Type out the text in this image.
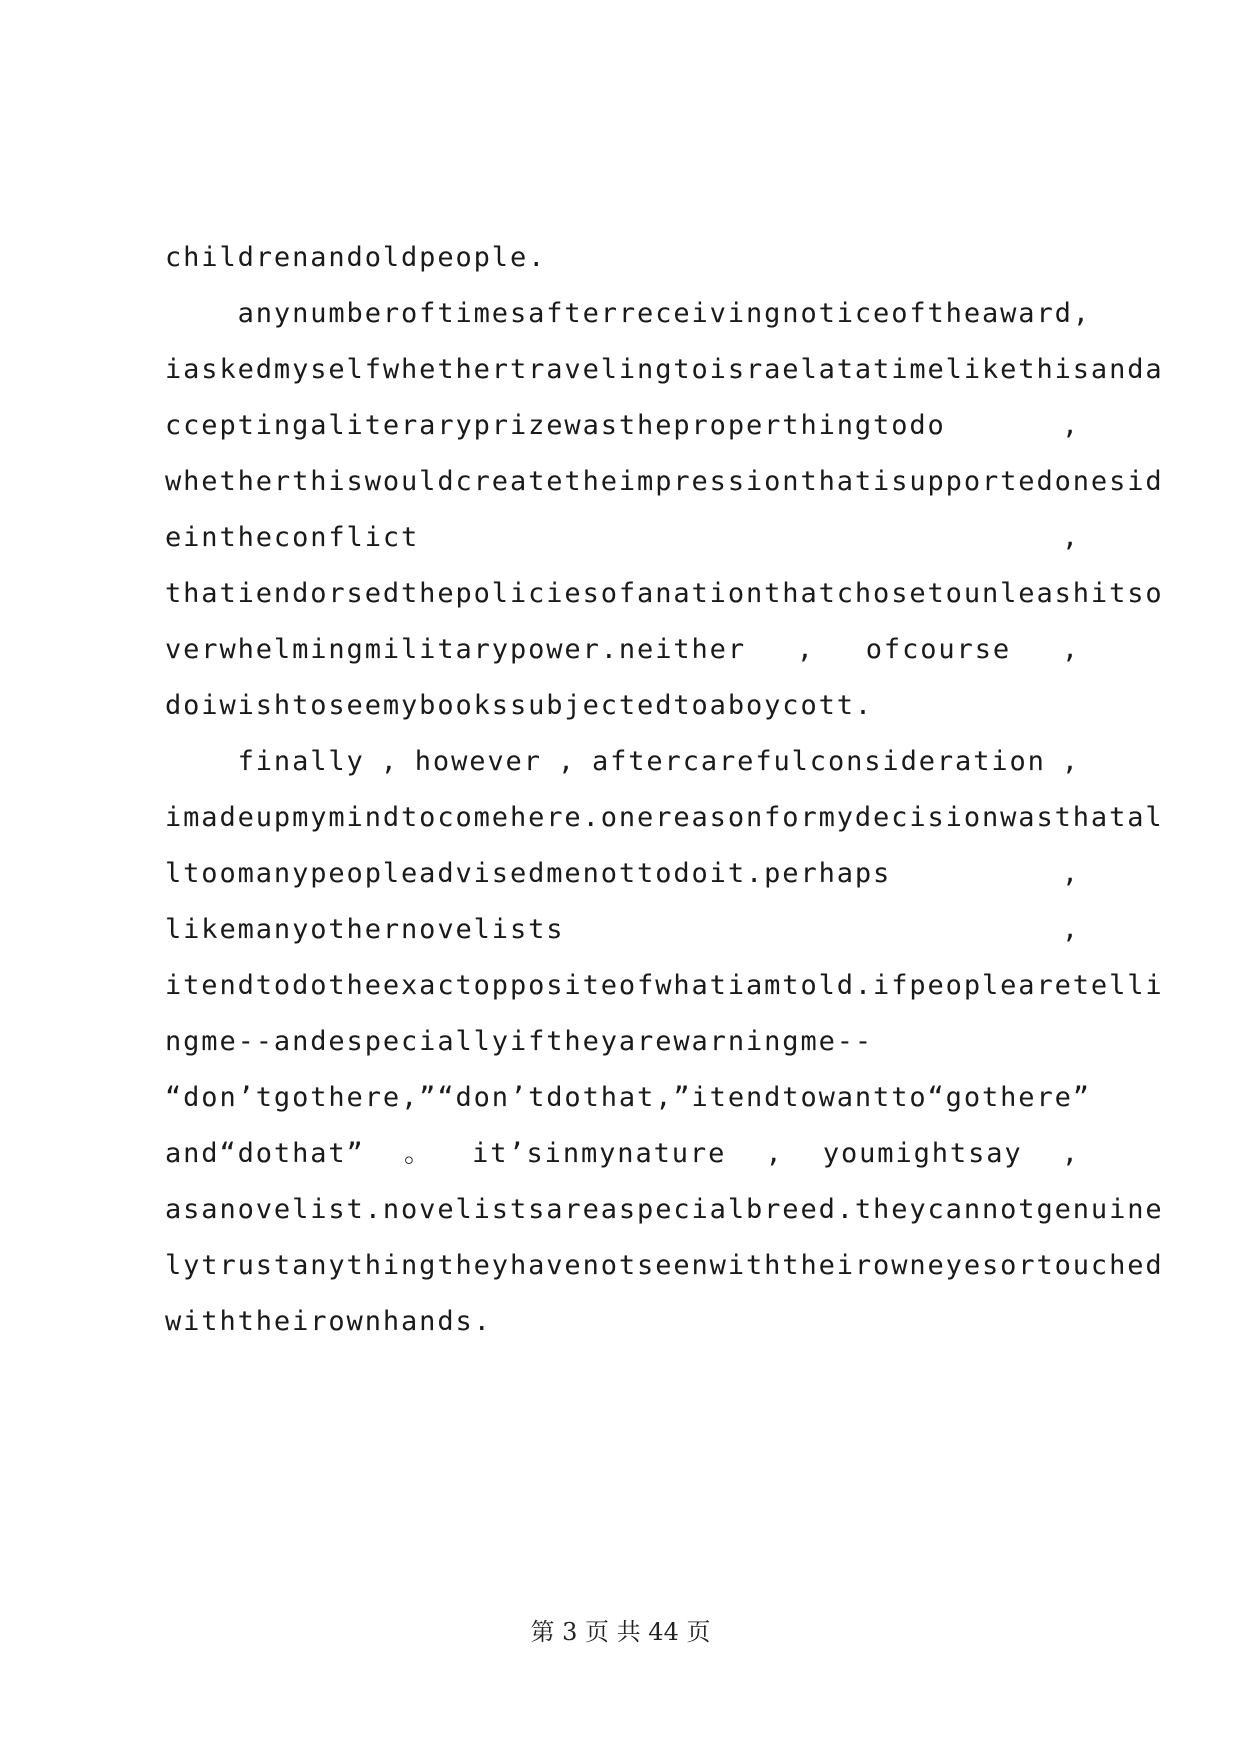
childrenandoldpeople.
anynumberoftimesafterreceivingnoticeoftheaward ,
iaskedmyselfwhethertravelingtoisraelatatimelikethisanda
cceptingaliteraryprizewastheproperthingtodo	,
whetherthiswouldcreatetheimpressionthatisupportedonesid
eintheconflict	,
thatiendorsedthepoliciesofanationthatchosetounleashitso
verwhelmingmilitarypower.neither , ofcourse ,
doiwishtoseemybookssubjectedtoaboycott.
finally , however , aftercarefulconsideration ,
imadeupmymindtocomehere.onereasonformydecisionwasthatal
ltoomanypeopleadvisedmenottodoit.perhaps	,
likemanyothernovelists	,
itendtodotheexactoppositeofwhatiamtold.ifpeoplearetelli
ngme--andespeciallyiftheyarewarningme--
“don’tgothere,”“don’tdothat,”itendtowantto“gothere”
and“dothat” 。 it’sinmynature , youmightsay ,
asanovelist.novelistsareaspecialbreed.theycannotgenuine
lytrustanythingtheyhavenotseenwiththeirowneyesortouched
withtheirownhands.
第 3 页 共 44 页
